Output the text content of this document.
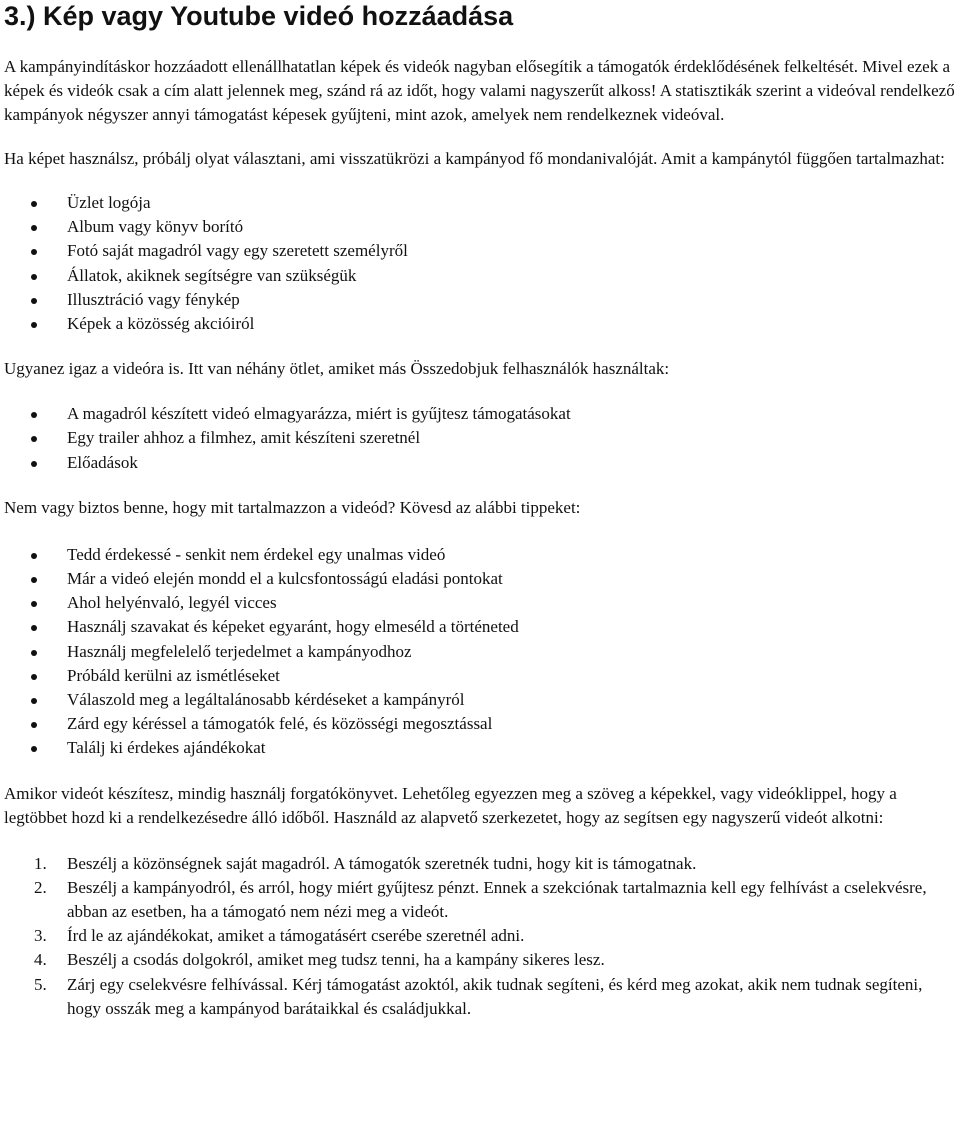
3.) Kép vagy Youtube videó hozzáadása

A kampányindításkor hozzáadott ellenállhatatlan képek és videók nagyban elősegítik a támogatók érdeklődésének felkeltését. Mivel ezek a képek és videók csak a cím alatt jelennek meg, szánd rá az időt, hogy valami nagyszerűt alkoss! A statisztikák szerint a videóval rendelkező kampányok négyszer annyi támogatást képesek gyűjteni, mint azok, amelyek nem rendelkeznek videóval.

Ha képet használsz, próbálj olyat választani, ami visszatükrözi a kampányod fő mondanivalóját. Amit a kampánytól függően tartalmazhat:

Üzlet logója
Album vagy könyv borító
Fotó saját magadról vagy egy szeretett személyről
Állatok, akiknek segítségre van szükségük
Illusztráció vagy fénykép
Képek a közösség akcióiról

Ugyanez igaz a videóra is. Itt van néhány ötlet, amiket más Összedobjuk felhasználók használtak:

A magadról készített videó elmagyarázza, miért is gyűjtesz támogatásokat
Egy trailer ahhoz a filmhez, amit készíteni szeretnél
Előadások

Nem vagy biztos benne, hogy mit tartalmazzon a videód? Kövesd az alábbi tippeket:

Tedd érdekessé - senkit nem érdekel egy unalmas videó
Már a videó elején mondd el a kulcsfontosságú eladási pontokat
Ahol helyénvaló, legyél vicces
Használj szavakat és képeket egyaránt, hogy elmeséld a történeted
Használj megfelelelő terjedelmet a kampányodhoz
Próbáld kerülni az ismétléseket
Válaszold meg a legáltalánosabb kérdéseket a kampányról
Zárd egy kéréssel a támogatók felé, és közösségi megosztással
Találj ki érdekes ajándékokat

Amikor videót készítesz, mindig használj forgatókönyvet. Lehetőleg egyezzen meg a szöveg a képekkel, vagy videóklippel, hogy a legtöbbet hozd ki a rendelkezésedre álló időből. Használd az alapvető szerkezetet, hogy az segítsen egy nagyszerű videót alkotni:

1. Beszélj a közönségnek saját magadról. A támogatók szeretnék tudni, hogy kit is támogatnak.
2. Beszélj a kampányodról, és arról, hogy miért gyűjtesz pénzt. Ennek a szekciónak tartalmaznia kell egy felhívást a cselekvésre, abban az esetben, ha a támogató nem nézi meg a videót.
3. Írd le az ajándékokat, amiket a támogatásért cserébe szeretnél adni.
4. Beszélj a csodás dolgokról, amiket meg tudsz tenni, ha a kampány sikeres lesz.
5. Zárj egy cselekvésre felhívással. Kérj támogatást azoktól, akik tudnak segíteni, és kérd meg azokat, akik nem tudnak segíteni, hogy osszák meg a kampányod barátaikkal és családjukkal.
